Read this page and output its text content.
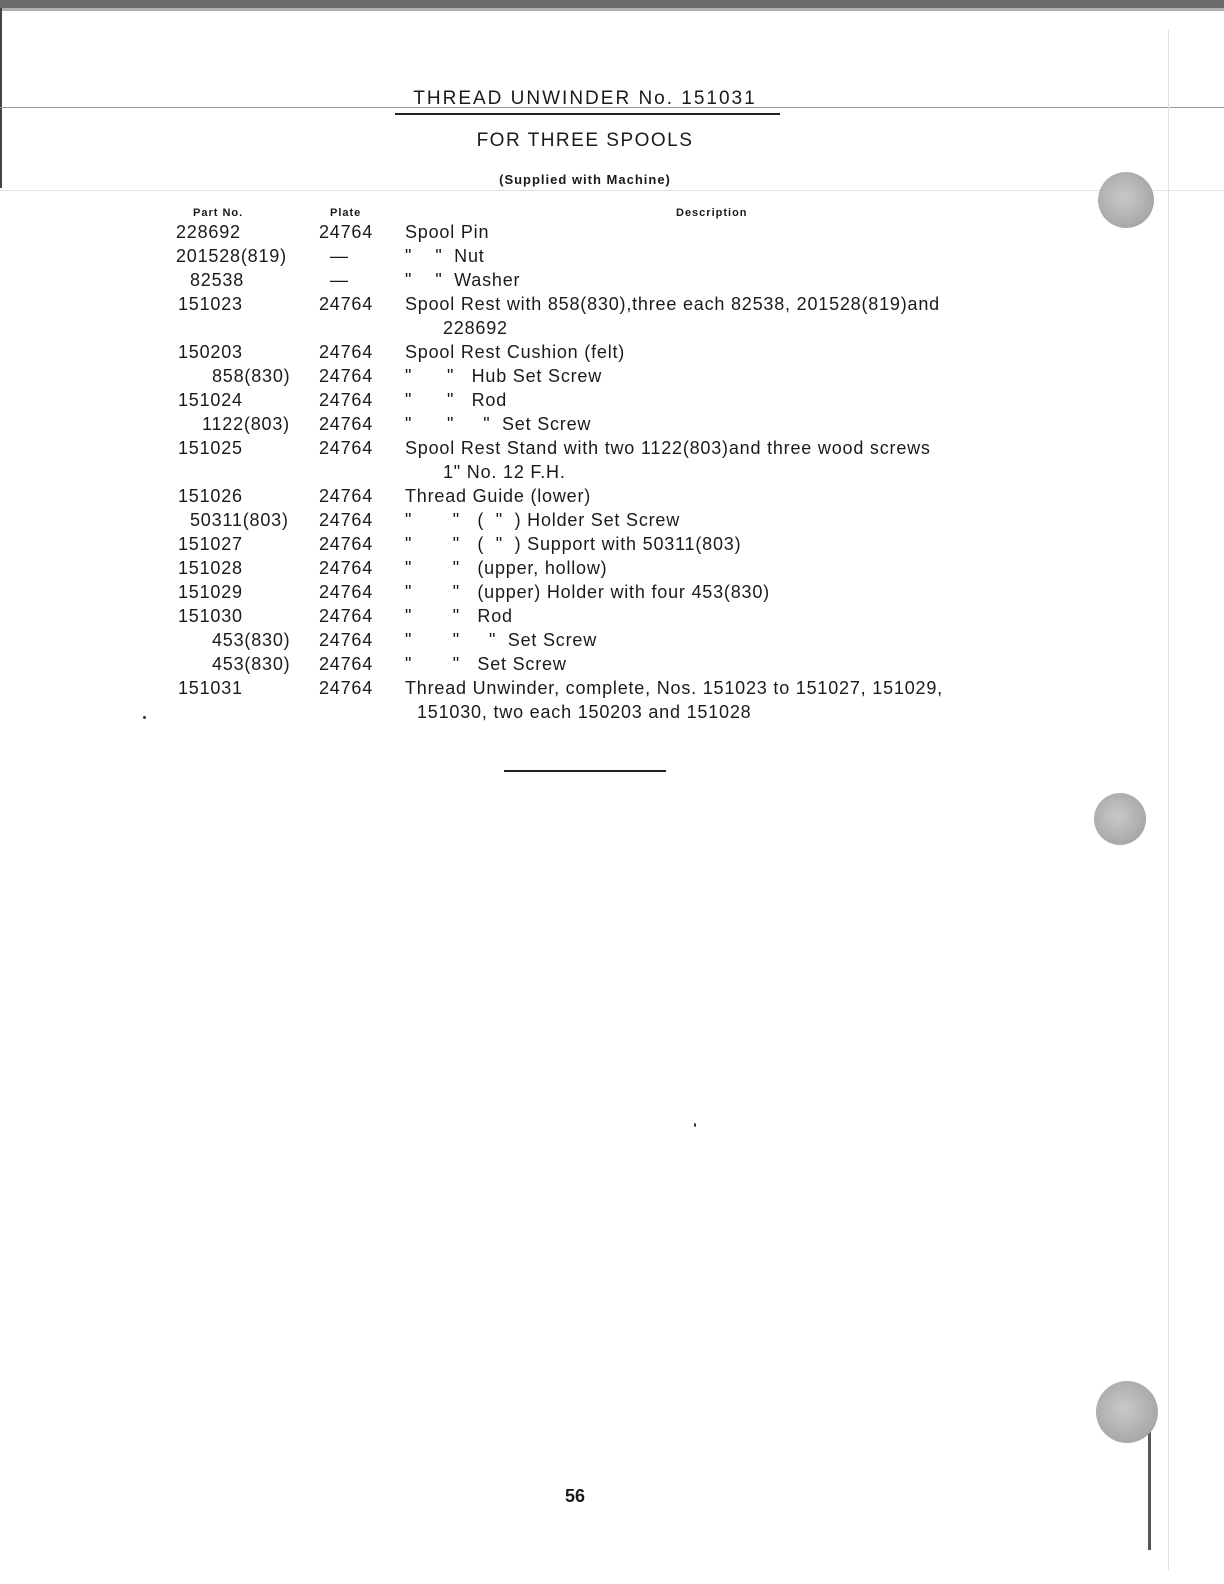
THREAD UNWINDER No. 151031
FOR THREE SPOOLS
(Supplied with Machine)
Part No.	Plate	Description
228692	24764 Spool Pin
201528(819) —	"    "  Nut
82538	—	"    "  Washer
151023	24764 Spool Rest with 858(830),three each 82538, 201528(819)and
228692
150203	24764 Spool Rest Cushion (felt)
858(830) 24764 "      "   Hub Set Screw
151024	24764 "      "   Rod
1122(803) 24764 "      "     "  Set Screw
151025	24764 Spool Rest Stand with two 1122(803)and three wood screws
1" No. 12 F.H.
151026	24764 Thread Guide (lower)
50311(803) 24764 "       "   (  "  ) Holder Set Screw
151027	24764 "       "   (  "  ) Support with 50311(803)
151028	24764 "       "   (upper, hollow)
151029	24764 "       "   (upper) Holder with four 453(830)
151030	24764 "       "   Rod
453(830) 24764 "       "     "  Set Screw
453(830) 24764 "       "   Set Screw
151031	24764 Thread Unwinder, complete, Nos. 151023 to 151027, 151029,
151030, two each 150203 and 151028
56
